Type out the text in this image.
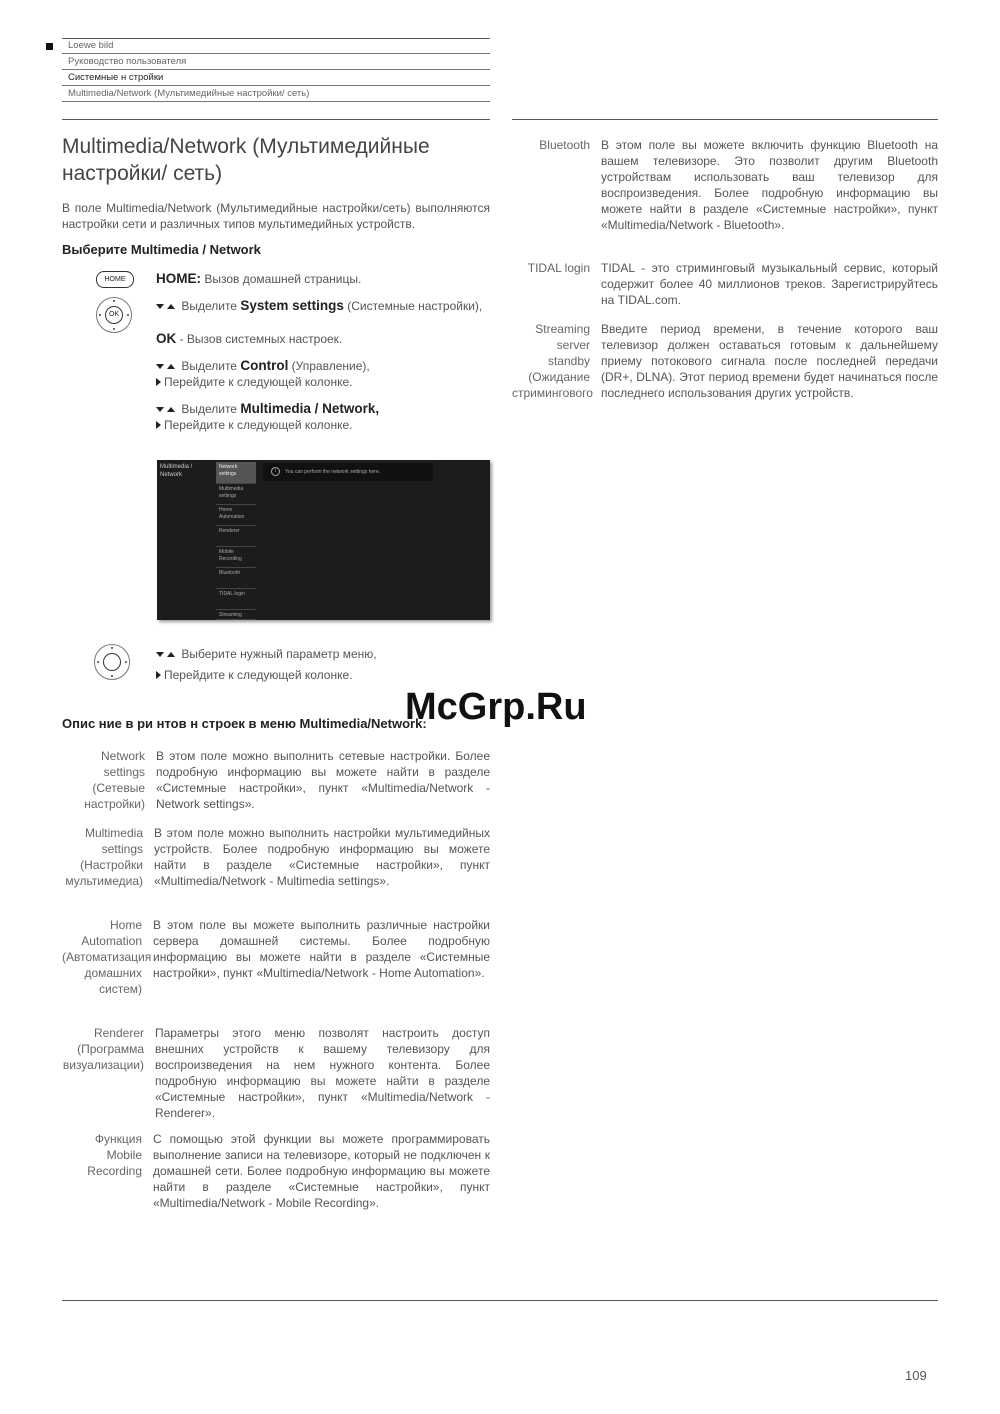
Loewe bild
Руководство пользователя
Системные н стройки
Multimedia/Network (Мультимедийные настройки/ сеть)
Multimedia/Network (Мультимедийные настройки/ сеть)
В поле Multimedia/Network (Мультимедийные настройки/сеть) выполняются настройки сети и различных типов мультимедийных устройств.
Выберите Multimedia / Network
HOME
OK
HOME: Вызов домашней страницы.
Выделите System settings (Системные настройки),
OK - Вызов системных настроек.
Выделите Control (Управление),
Перейдите к следующей колонке.
Выделите Multimedia / Network,
Перейдите к следующей колонке.
Multimedia / Network
Network settings
Multimedia settings
Home Automation
Renderer
Mobile Recording
Bluetooth
TIDAL login
Streaming
i	You can perform the network settings here.
Выберите нужный параметр меню,
Перейдите к следующей колонке.
Опис ние в ри нтов н строек в меню Multimedia/Network:
McGrp.Ru
Network settings (Сетевые настройки)
В этом поле можно выполнить сетевые настройки. Более подробную информацию вы можете найти в разделе «Системные настройки», пункт «Multimedia/Network - Network settings».
Multimedia settings (Настройки мультимедиа)
В этом поле можно выполнить настройки мультимедийных устройств. Более подробную информацию вы можете найти в разделе «Системные настройки», пункт «Multimedia/Network - Multimedia settings».
Home Automation (Автоматизация домашних систем)
В этом поле вы можете выполнить различные настройки сервера домашней системы. Более подробную информацию вы можете найти в разделе «Системные настройки», пункт «Multimedia/Network - Home Automation».
Renderer (Программа визуализации)
Параметры этого меню позволят настроить доступ внешних устройств к вашему телевизору для воспроизведения на нем нужного контента. Более подробную информацию вы можете найти в разделе «Системные настройки», пункт «Multimedia/Network - Renderer».
Функция Mobile Recording
С помощью этой функции вы можете программировать выполнение записи на телевизоре, который не подключен к домашней сети. Более подробную информацию вы можете найти в разделе «Системные настройки», пункт «Multimedia/Network - Mobile Recording».
Bluetooth В этом поле вы можете включить функцию Bluetooth на вашем телевизоре. Это позволит другим Bluetooth устройствам использовать ваш телевизор для воспроизведения. Более подробную информацию вы можете найти в разделе «Системные настройки», пункт «Multimedia/Network - Bluetooth».
TIDAL login TIDAL - это стриминговый музыкальный сервис, который содержит более 40 миллионов треков. Зарегистрируйтесь на TIDAL.com.
Streaming server standby (Ожидание стримингового
Введите период времени, в течение которого ваш телевизор должен оставаться готовым к дальнейшему приему потокового сигнала после последней передачи (DR+, DLNA). Этот период времени будет начинаться после последнего использования других устройств.
109
